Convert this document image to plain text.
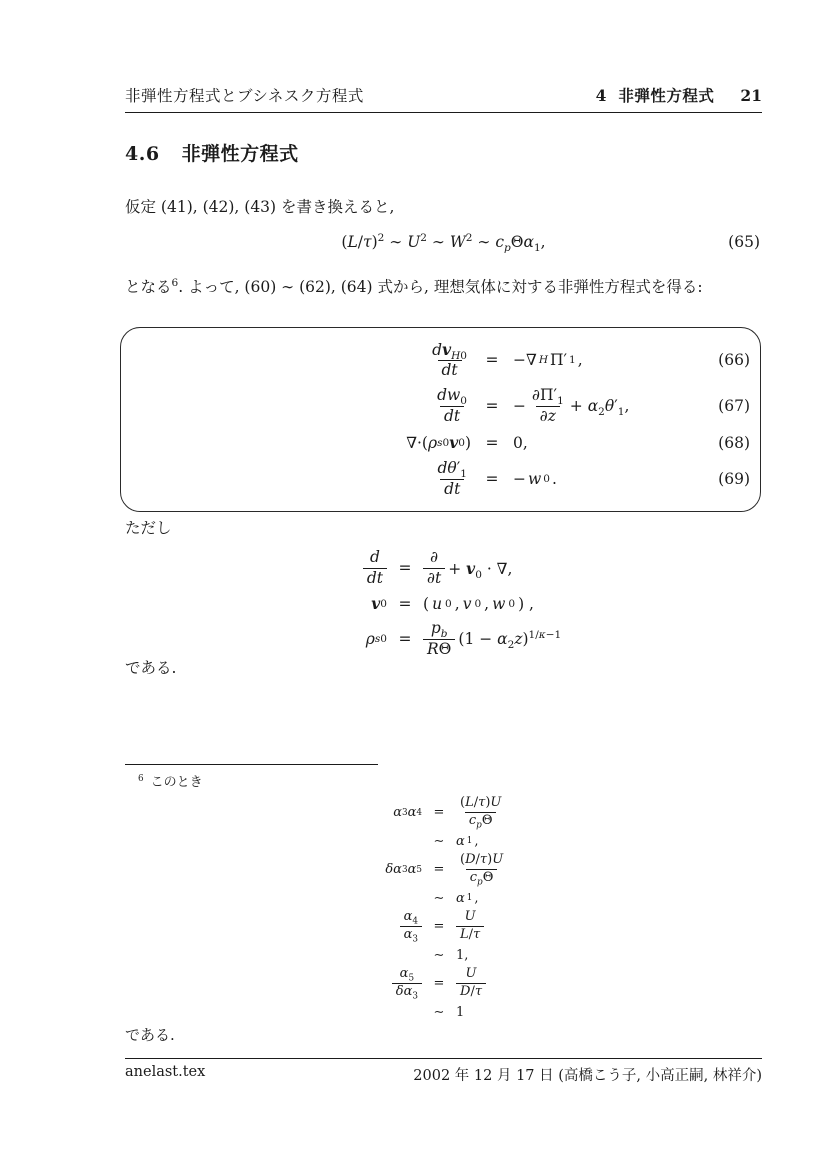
非弾性方程式とブシネスク方程式	4 非弾性方程式 21
4.6 非弾性方程式

仮定 (41), (42), (43) を書き換えると,

$(L/\tau)^2$ ∼ $U^2$ ∼ $W^2$ ∼ $c_p\Theta\alpha_1$,	(65)

となる$^6$. よって, (60) ∼ (62), (64) 式から, 理想気体に対する非弾性方程式を得る:

$\frac{dv_{H0}}{dt}$ = −∇ H Π′ 1 ,	(66)
$\frac{dw_0}{dt}$ = − $\frac{\partial\Pi'_1}{\partial z} + \alpha_2\theta'_1$,	(67)
∇·( ρ s0 v 0 ) = 0,	(68)
$\frac{d\theta'_1}{dt}$ = − w 0 .	(69)

ただし

$\frac{d}{dt} = \frac{\partial}{\partial t} + v_0$ · ∇,
v 0 = ( u 0 , v 0 , w 0 ) ,
ρ $s0 = \frac{p_b}{R\Theta} (1 - \alpha_2z)^{1/\kappa-1}$

である.

$^6$ このとき

α 3 α $4 = \frac{(L/\tau)U}{c_p\Theta}$
∼ α 1 ,
δα 3 α $5 = \frac{(D/\tau)U}{c_p\Theta}$
∼ α 1 ,
$\frac{\alpha_4}{\alpha_3} = \frac{U}{L/\tau}$
∼ 1,
$\frac{\alpha_5}{\delta\alpha_3} = \frac{U}{D/\tau}$
∼ 1

である.

anelast.tex	2002 年 12 月 17 日 (高橋こう子, 小高正嗣, 林祥介)
